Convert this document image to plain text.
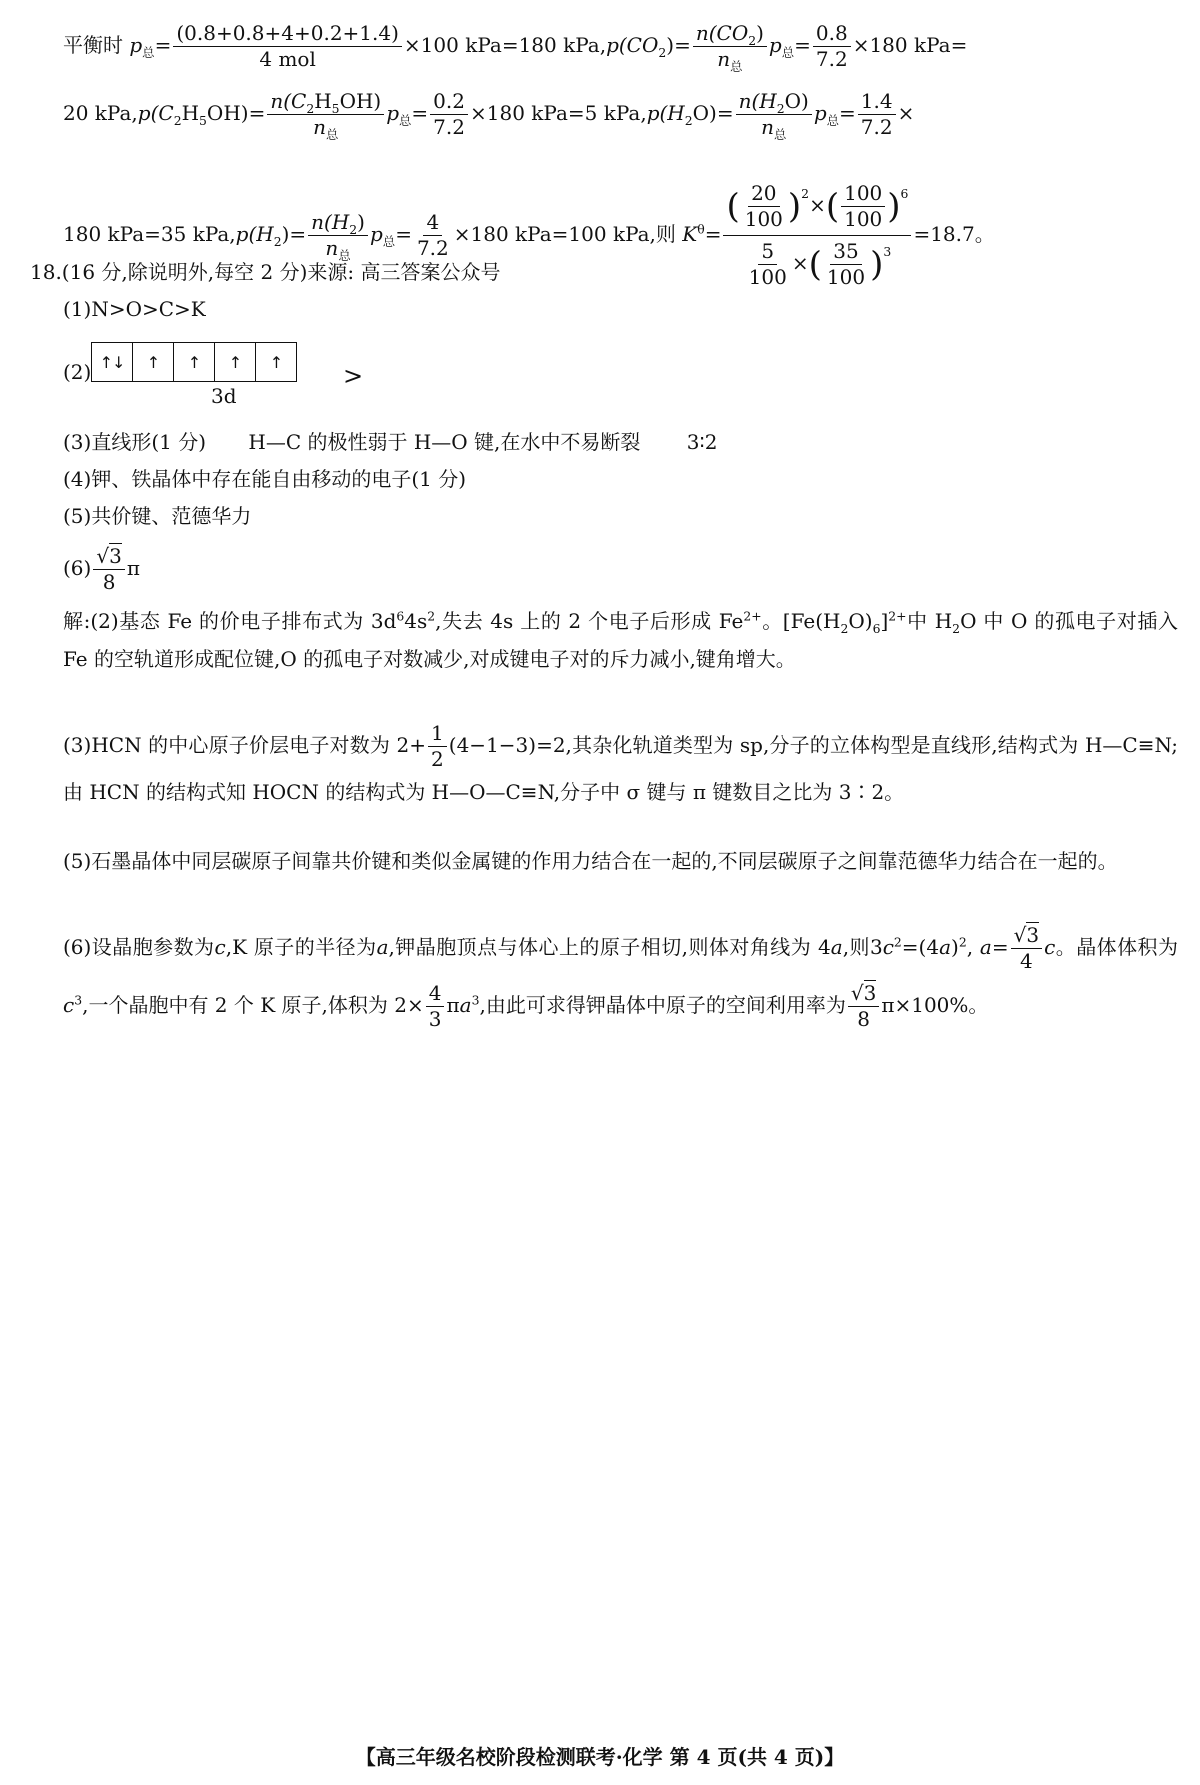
平衡时 $p_总= \frac{(0.8+0.8+4+0.2+1.4)}{\text{4 mol}} \times 100$ kPa=180 $kPa,p(CO_2)= \frac{n(CO_2)}{n_总} p_总= \frac{0.8}{7.2} \times 180$ kPa=
20 $kPa,p(C_2H_5OH)= \frac{n(C_2H_5OH)}{n_总} p_总= \frac{0.2}{7.2} \times 180$ kPa=5 $kPa,p(H_2O)= \frac{n(H_2O)}{n_总} p_总= \frac{1.4}{7.2}$ ×
180 kPa=35 $kPa,p(H_2)= \frac{n(H_2)}{n_总} p_总= \frac{4}{7.2} \times 180$ kPa=100 kPa,则 $K^\theta= \frac{( \frac{20}{100} )^2\times( \frac{100}{100} )^6}{\frac{5}{100} \times( \frac{35}{100} )^3} =18.7$。
18.(16 分,除说明外,每空 2 分)来源: 高三答案公众号
(1)N>O>C>K
(2) ↑↓	↑	↑	↑	↑
3d
>
(3)直线形(1 分) H—C 的极性弱于 H—O 键,在水中不易断裂 3∶2
(4)钾、铁晶体中存在能自由移动的电子(1 分)
(5)共价键、范德华力
$(6) \frac{√3}{8}$ π
解:(2)基态 Fe 的价电子排布式为 $3d^64s^2$,失去 4s 上的 2 个电子后形成 $Fe^{2+}$。$[Fe(H_2O)_6]^{2+}$中 $H_2O$ 中 O 的孤电子对插入 Fe 的空轨道形成配位键,O 的孤电子对数减少,对成键电子对的斥力减小,键角增大。
(3)HCN 的中心原子价层电子对数为 $2+ \frac{1}{2} (4-1-3)=2$,其杂化轨道类型为 sp,分子的立体构型是直线形,结构式为 H—C≡N;由 HCN 的结构式知 HOCN 的结构式为 H—O—C≡N,分子中 σ 键与 π 键数目之比为 3∶2。
(5)石墨晶体中同层碳原子间靠共价键和类似金属键的作用力结合在一起的,不同层碳原子之间靠范德华力结合在一起的。
(6)设晶胞参数为c,K 原子的半径为a,钾晶胞顶点与体心上的原子相切,则体对角线为 4a,则$3c^2=(4a)^2$, $a= \frac{√3}{4}$ c。晶体体积为$c^3$,一个晶胞中有 2 个 K 原子,体积为 $2\times \frac{4}{3} \pi a^3$,由此可求得钾晶体中原子的空间利用率为 $\frac{√3}{8} \pi\times 100\%$。
【高三年级名校阶段检测联考·化学 第 4 页(共 4 页)】
